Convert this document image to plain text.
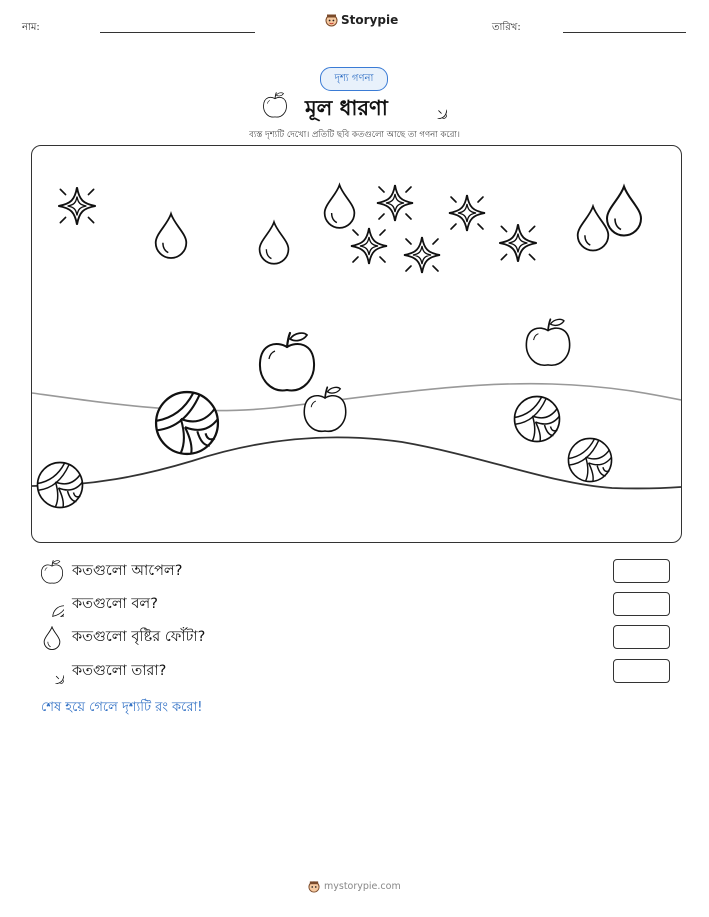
নাম:
Storypie
তারিখ:
দৃশ্য গণনা
মূল ধারণা
ব্যস্ত দৃশ্যটি দেখো। প্রতিটি ছবি কতগুলো আছে তা গণনা করো।
কতগুলো আপেল?
কতগুলো বল?
কতগুলো বৃষ্টির ফোঁটা?
কতগুলো তারা?
শেষ হয়ে গেলে দৃশ্যটি রং করো!
mystorypie.com
